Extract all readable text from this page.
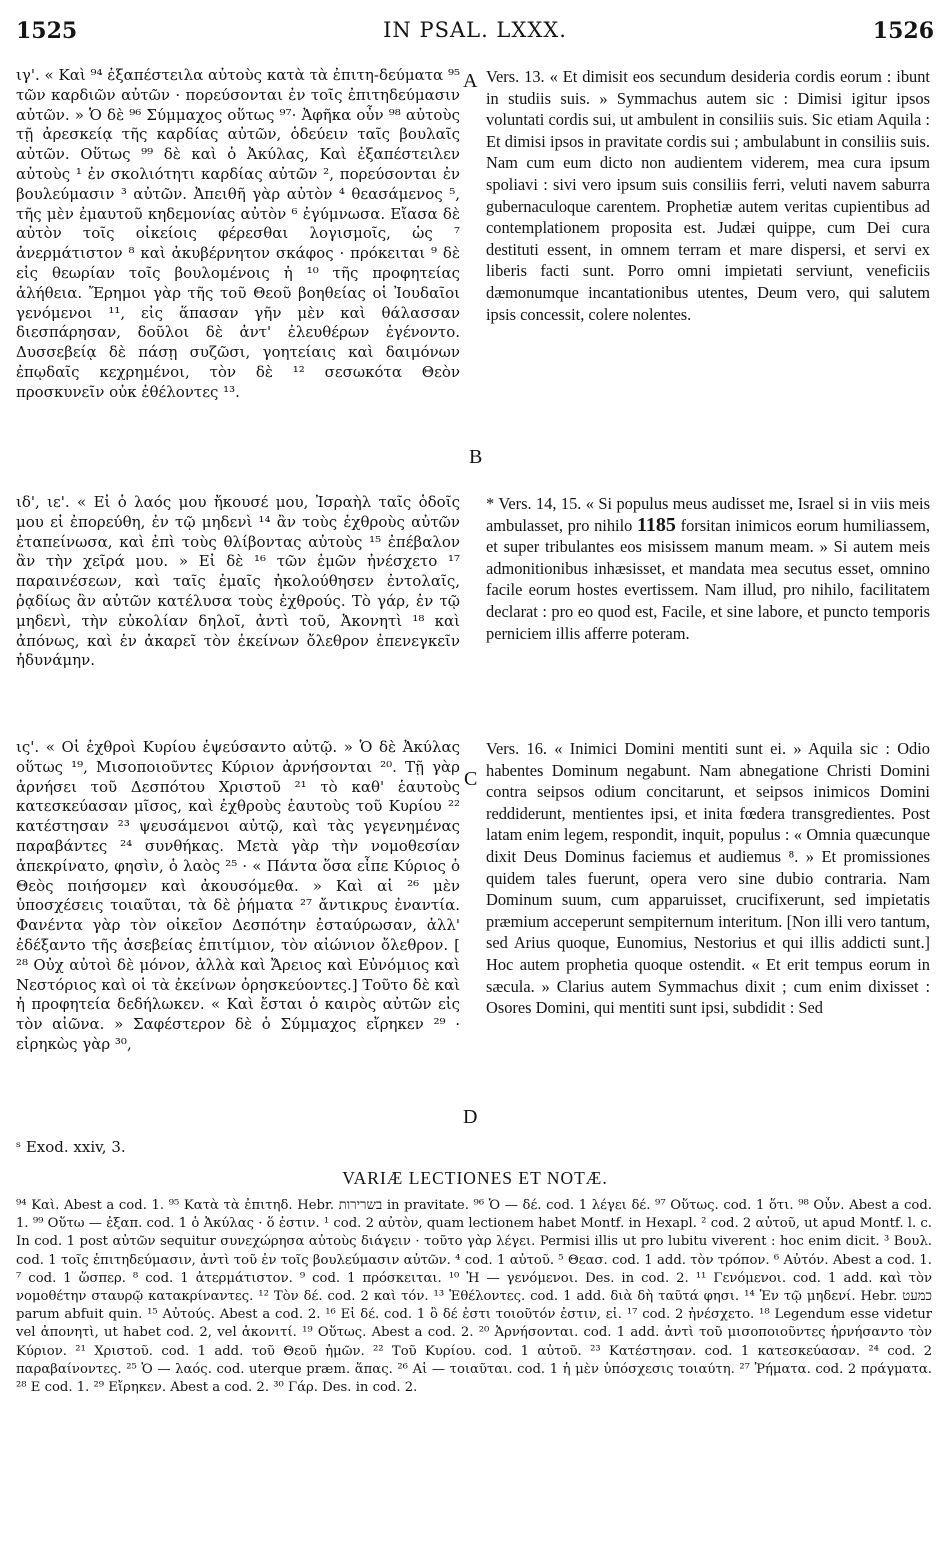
1525	IN PSAL. LXXX.	1526

ιγ'. « Καὶ ⁹⁴ ἐξαπέστειλα αὐτοὺς κατὰ τὰ ἐπιτη-δεύματα ⁹⁵ τῶν καρδιῶν αὐτῶν · πορεύσονται ἐν τοῖς ἐπιτηδεύμασιν αὐτῶν. » Ὁ δὲ ⁹⁶ Σύμμαχος οὕτως ⁹⁷· Ἀφῆκα οὖν ⁹⁸ αὐτοὺς τῇ ἀρεσκείᾳ τῆς καρδίας αὐτῶν, ὁδεύειν ταῖς βουλαῖς αὐτῶν. Οὕτως ⁹⁹ δὲ καὶ ὁ Ἀκύλας, Καὶ ἐξαπέστειλεν αὐτοὺς ¹ ἐν σκολιότητι καρδίας αὐτῶν ², πορεύσονται ἐν βουλεύμασιν ³ αὐτῶν. Ἀπειθῆ γὰρ αὐτὸν ⁴ θεασάμενος ⁵, τῆς μὲν ἐμαυτοῦ κηδεμονίας αὐτὸν ⁶ ἐγύμνωσα. Εἴασα δὲ αὐτὸν τοῖς οἰκείοις φέρεσθαι λογισμοῖς, ὡς ⁷ ἀνερμάτιστον ⁸ καὶ ἀκυβέρνητον σκάφος · πρόκειται ⁹ δὲ εἰς θεωρίαν τοῖς βουλομένοις ἡ ¹⁰ τῆς προφητείας ἀλήθεια. Ἔρημοι γὰρ τῆς τοῦ Θεοῦ βοηθείας οἱ Ἰουδαῖοι γενόμενοι ¹¹, εἰς ἅπασαν γῆν μὲν καὶ θάλασσαν διεσπάρησαν, δοῦλοι δὲ ἀντ' ἐλευθέρων ἐγένοντο. Δυσσεβείᾳ δὲ πάσῃ συζῶσι, γοητείαις καὶ δαιμόνων ἐπῳδαῖς κεχρημένοι, τὸν δὲ ¹² σεσωκότα Θεὸν προσκυνεῖν οὐκ ἐθέλοντες ¹³.

ιδ', ιε'. « Εἰ ὁ λαός μου ἤκουσέ μου, Ἰσραὴλ ταῖς ὁδοῖς μου εἰ ἐπορεύθη, ἐν τῷ μηδενὶ ¹⁴ ἂν τοὺς ἐχθροὺς αὐτῶν ἐταπείνωσα, καὶ ἐπὶ τοὺς θλίβοντας αὐτοὺς ¹⁵ ἐπέβαλον ἂν τὴν χεῖρά μου. » Εἰ δὲ ¹⁶ τῶν ἐμῶν ἠνέσχετο ¹⁷ παραινέσεων, καὶ ταῖς ἐμαῖς ἠκολούθησεν ἐντολαῖς, ῥᾳδίως ἂν αὐτῶν κατέλυσα τοὺς ἐχθρούς. Τὸ γάρ, ἐν τῷ μηδενὶ, τὴν εὐκολίαν δηλοῖ, ἀντὶ τοῦ, Ἀκονητὶ ¹⁸ καὶ ἀπόνως, καὶ ἐν ἀκαρεῖ τὸν ἐκείνων ὄλεθρον ἐπενεγκεῖν ἠδυνάμην.

ις'. « Οἱ ἐχθροὶ Κυρίου ἐψεύσαντο αὐτῷ. » Ὁ δὲ Ἀκύλας οὕτως ¹⁹, Μισοποιοῦντες Κύριον ἀρνήσονται ²⁰. Τῇ γὰρ ἀρνήσει τοῦ Δεσπότου Χριστοῦ ²¹ τὸ καθ' ἑαυτοὺς κατεσκεύασαν μῖσος, καὶ ἐχθροὺς ἑαυτοὺς τοῦ Κυρίου ²² κατέστησαν ²³ ψευσάμενοι αὐτῷ, καὶ τὰς γεγενημένας παραβάντες ²⁴ συνθήκας. Μετὰ γὰρ τὴν νομοθεσίαν ἀπεκρίνατο, φησὶν, ὁ λαὸς ²⁵ · « Πάντα ὅσα εἶπε Κύριος ὁ Θεὸς ποιήσομεν καὶ ἀκουσόμεθα. » Καὶ αἱ ²⁶ μὲν ὑποσχέσεις τοιαῦται, τὰ δὲ ῥήματα ²⁷ ἄντικρυς ἐναντία. Φανέντα γὰρ τὸν οἰκεῖον Δεσπότην ἐσταύρωσαν, ἀλλ' ἐδέξαντο τῆς ἀσεβείας ἐπιτίμιον, τὸν αἰώνιον ὄλεθρον. [ ²⁸ Οὐχ αὐτοὶ δὲ μόνον, ἀλλὰ καὶ Ἄρειος καὶ Εὐνόμιος καὶ Νεστόριος καὶ οἱ τὰ ἐκείνων ὀρησκεύοντες.] Τοῦτο δὲ καὶ ἡ προφητεία δεδήλωκεν. « Καὶ ἔσται ὁ καιρὸς αὐτῶν εἰς τὸν αἰῶνα. » Σαφέστερον δὲ ὁ Σύμμαχος εἴρηκεν ²⁹ · εἰρηκὼς γὰρ ³⁰,

A
B
C
D

Vers. 13. « Et dimisit eos secundum desideria cordis eorum : ibunt in studiis suis. » Symmachus autem sic : Dimisi igitur ipsos voluntati cordis sui, ut ambulent in consiliis suis. Sic etiam Aquila : Et dimisi ipsos in pravitate cordis sui ; ambulabunt in consiliis suis. Nam cum eum dicto non audientem viderem, mea cura ipsum spoliavi : sivi vero ipsum suis consiliis ferri, veluti navem saburra gubernaculoque carentem. Prophetiæ autem veritas cupientibus ad contemplationem proposita est. Judæi quippe, cum Dei cura destituti essent, in omnem terram et mare dispersi, et servi ex liberis facti sunt. Porro omni impietati serviunt, veneficiis dæmonumque incantationibus utentes, Deum vero, qui salutem ipsis concessit, colere nolentes.

* Vers. 14, 15. « Si populus meus audisset me, Israel si in viis meis ambulasset, pro nihilo 1185 forsitan inimicos eorum humiliassem, et super tribulantes eos misissem manum meam. » Si autem meis admonitionibus inhæsisset, et mandata mea secutus esset, omnino facile eorum hostes evertissem. Nam illud, pro nihilo, facilitatem declarat : pro eo quod est, Facile, et sine labore, et puncto temporis perniciem illis afferre poteram.

Vers. 16. « Inimici Domini mentiti sunt ei. » Aquila sic : Odio habentes Dominum negabunt. Nam abnegatione Christi Domini contra seipsos odium concitarunt, et seipsos inimicos Domini reddiderunt, mentientes ipsi, et inita fœdera transgredientes. Post latam enim legem, respondit, inquit, populus : « Omnia quæcunque dixit Deus Dominus faciemus et audiemus ⁸. » Et promissiones quidem tales fuerunt, opera vero sine dubio contraria. Nam Dominum suum, cum apparuisset, crucifixerunt, sed impietatis præmium acceperunt sempiternum interitum. [Non illi vero tantum, sed Arius quoque, Eunomius, Nestorius et qui illis addicti sunt.] Hoc autem prophetia quoque ostendit. « Et erit tempus eorum in sæcula. » Clarius autem Symmachus dixit ; cum enim dixisset : Osores Domini, qui mentiti sunt ipsi, subdidit : Sed

ˢ Exod. xxiv, 3.
VARIÆ LECTIONES ET NOTÆ.

⁹⁴ Καὶ. Abest a cod. 1. ⁹⁵ Κατὰ τὰ ἐπιτηδ. Hebr. בשרירות in pravitate. ⁹⁶ Ὁ — δέ. cod. 1 λέγει δέ. ⁹⁷ Οὕτως. cod. 1 ὅτι. ⁹⁸ Οὖν. Abest a cod. 1. ⁹⁹ Οὕτω — ἐξαπ. cod. 1 ὁ Ἀκύλας · ὅ ἐστιν. ¹ cod. 2 αὐτὸν, quam lectionem habet Montf. in Hexapl. ² cod. 2 αὐτοῦ, ut apud Montf. l. c. In cod. 1 post αὐτῶν sequitur συνεχώρησα αὐτοὺς διάγειν · τοῦτο γὰρ λέγει. Permisi illis ut pro lubitu viverent : hoc enim dicit. ³ Βουλ. cod. 1 τοῖς ἐπιτηδεύμασιν, ἀντὶ τοῦ ἐν τοῖς βουλεύμασιν αὐτῶν. ⁴ cod. 1 αὐτοῦ. ⁵ Θεασ. cod. 1 add. τὸν τρόπον. ⁶ Αὐτόν. Abest a cod. 1. ⁷ cod. 1 ὥσπερ. ⁸ cod. 1 ἀτερμάτιστον. ⁹ cod. 1 πρόσκειται. ¹⁰ Ἡ — γενόμενοι. Des. in cod. 2. ¹¹ Γενόμενοι. cod. 1 add. καὶ τὸν νομοθέτην σταυρῷ κατακρίναντες. ¹² Τὸν δέ. cod. 2 καὶ τόν. ¹³ Ἐθέλοντες. cod. 1 add. διὰ δὴ ταῦτά φησι. ¹⁴ Ἐν τῷ μηδενί. Hebr. כמעט parum abfuit quin. ¹⁵ Αὐτούς. Abest a cod. 2. ¹⁶ Εἰ δέ. cod. 1 ὃ δέ ἐστι τοιοῦτόν ἐστιν, εἰ. ¹⁷ cod. 2 ἠνέσχετο. ¹⁸ Legendum esse videtur vel ἀπονητὶ, ut habet cod. 2, vel ἀκονιτί. ¹⁹ Οὕτως. Abest a cod. 2. ²⁰ Ἀρνήσονται. cod. 1 add. ἀντὶ τοῦ μισοποιοῦντες ἠρνήσαντο τὸν Κύριον. ²¹ Χριστοῦ. cod. 1 add. τοῦ Θεοῦ ἡμῶν. ²² Τοῦ Κυρίου. cod. 1 αὐτοῦ. ²³ Κατέστησαν. cod. 1 κατεσκεύασαν. ²⁴ cod. 2 παραβαίνοντες. ²⁵ Ὁ — λαός. cod. uterque præm. ἅπας. ²⁶ Αἱ — τοιαῦται. cod. 1 ἡ μὲν ὑπόσχεσις τοιαύτη. ²⁷ Ῥήματα. cod. 2 πράγματα. ²⁸ E cod. 1. ²⁹ Εἴρηκεν. Abest a cod. 2. ³⁰ Γάρ. Des. in cod. 2.
